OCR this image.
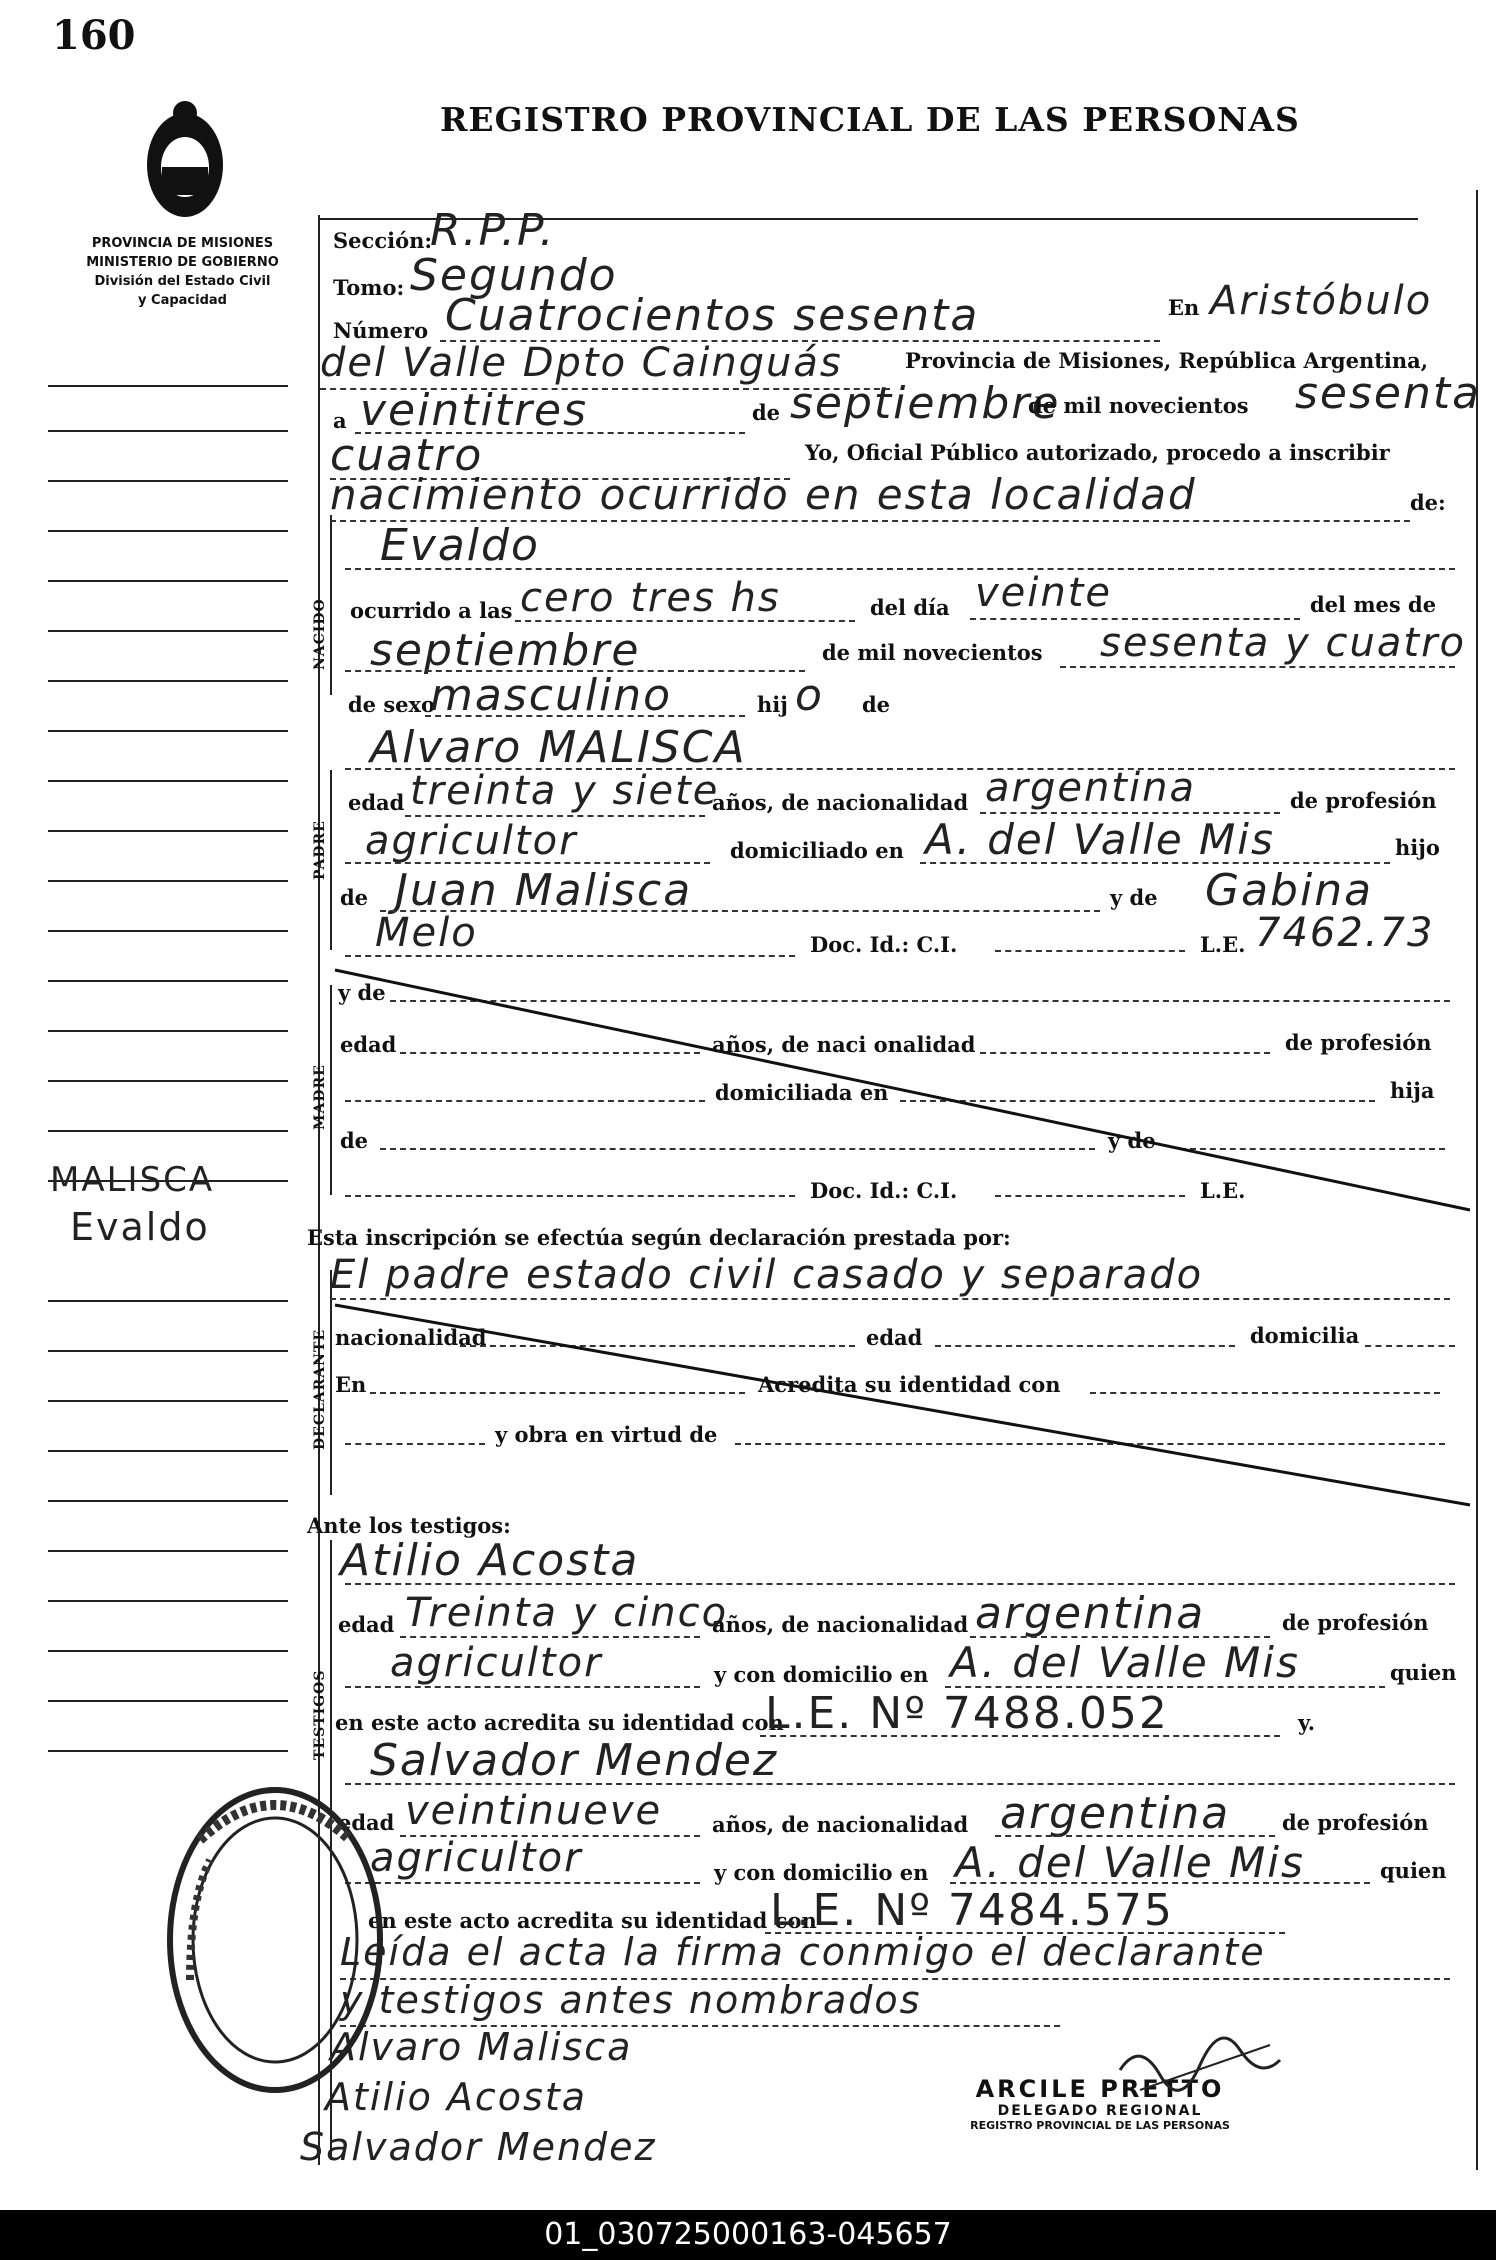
160
PROVINCIA DE MISIONES
MINISTERIO DE GOBIERNO
División del Estado Civil
y Capacidad
REGISTRO PROVINCIAL DE LAS PERSONAS
MALISCA
Evaldo
NACIDO
PADRE
MADRE
DECLARANTE
TESTIGOS
Sección:
R.P.P.
Tomo: Segundo
Número Cuatrocientos sesenta	En Aristóbulo
del Valle Dpto Cainguás	Provincia de Misiones, República Argentina,
a veintitres	de septiembre
de mil novecientos sesenta
cuatro	Yo, Oficial Público autorizado, procedo a inscribir
nacimiento ocurrido en esta localidad	de:
Evaldo
ocurrido a las cero tres hs	del día veinte	del mes de
septiembre	de mil novecientos sesenta y cuatro
de sexo
masculino	hij o de
Alvaro MALISCA
edad treinta y siete
años, de nacionalidad argentina	de profesión
agricultor	domiciliado en A. del Valle Mis	hijo
de Juan Malisca	y de Gabina
Melo	Doc. Id.: C.I.	L.E. 7462.73
y de
edad	años, de naci onalidad	de profesión
domiciliada en	hija
de	y de
Doc. Id.: C.I.	L.E.
Esta inscripción se efectúa según declaración prestada por:
El padre estado civil casado y separado
nacionalidad	edad	domicilia
En	Acredita su identidad con
y obra en virtud de
Ante los testigos:
Atilio Acosta
edad Treinta y cinco
años, de nacionalidad argentina	de profesión
agricultor	y con domicilio en A. del Valle Mis	quien
en este acto acredita su identidad con
L.E. Nº 7488.052	y.
Salvador Mendez
edad veintinueve años, de nacionalidad argentina de profesión
agricultor	y con domicilio en A. del Valle Mis	quien
en este acto acredita su identidad con
L.E. Nº 7484.575
Leída el acta la firma conmigo el declarante
y testigos antes nombrados
Alvaro Malisca
Atilio Acosta
Salvador Mendez
ARCILE PRETTO
DELEGADO REGIONAL
REGISTRO PROVINCIAL DE LAS PERSONAS
01_030725000163-045657
